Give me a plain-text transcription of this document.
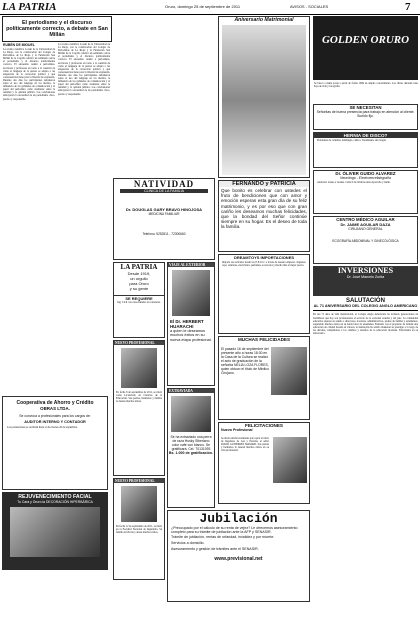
LA PATRIA	Oruro, domingo 25 de septiembre de 2011	AVISOS - SOCIALES	7
El periodismo y el discurso políticamente correcto, a debate en San Millán
RUBÉN DE MIGUEL
La revista científica Lorem de la Universidad de La Rioja, con la colaboración del Colegio de Periodistas de La Rioja y la Fundación San Millán de la Cogolla celebró un seminario sobre el periodismo y el discurso políticamente correcto. El encuentro reunió a periodistas, escritores y profesores en torno a la cuestión de cómo el lenguaje de la prensa se adapta a las exigencias de la corrección política y qué consecuencias tiene para la libertad de expresión. Durante dos días los participantes debatieron sobre el uso del lenguaje en los medios, la influencia de los gabinetes de comunicación y el papel del periodista como mediador entre la realidad y la opinión pública. Las conclusiones subrayaron la necesidad de un periodismo claro, preciso y responsable.
La revista científica Lorem de la Universidad de La Rioja, con la colaboración del Colegio de Periodistas de La Rioja y la Fundación San Millán de la Cogolla celebró un seminario sobre el periodismo y el discurso políticamente correcto. El encuentro reunió a periodistas, escritores y profesores en torno a la cuestión de cómo el lenguaje de la prensa se adapta a las exigencias de la corrección política y qué consecuencias tiene para la libertad de expresión. Durante dos días los participantes debatieron sobre el uso del lenguaje en los medios, la influencia de los gabinetes de comunicación y el papel del periodista como mediador entre la realidad y la opinión pública. Las conclusiones subrayaron la necesidad de un periodismo claro, preciso y responsable.
Cooperativa de Ahorro y Crédito
OBRAS LTDA.
Se convoca a profesionales para los cargos de:
AUDITOR INTERNO Y CONTADOR
Las postulaciones se recibirán hasta el día viernes 28 de septiembre.
REJUVENECIMIENTO FACIAL
Tu Cara y Oruro la DECORACIÓN HIPERBÁRICA
NATIVIDAD
CLINICA DE LA FAMILIA
Dr. DOUGLAS GARY BRAVO HINOJOSA
MEDICINA FAMILIAR
Telefono: 5252511 - 72300660
LA PATRIA
Desde 1919,
un orgullo
para Oruro
y su gente
SE REQUIERE
Ing. Civil con conocimiento en carreteras.
NUEVO PROFESIONAL
En fecha 8 de septiembre de 2011, se tituló como Licenciado en Ciencias de la Educación. Sus padres, hermanos y familia le desean muchos éxitos.
NUEVO PROFESIONAL
En fecha 12 de septiembre de 2011, se tituló en la Facultad Nacional de Ingeniería. Su familia le felicita y desea muchos éxitos.
VIAJE AL EXTERIOR
El Dr. HERBERT HUARACHI
a quien le deseamos muchos éxitos en su nueva etapa profesional.
EXTRAVIADA
Se ha extraviado una perra de raza Husky Siberiano color café con blanco. Se gratificará. Cel. 70131093
Bs. 1.000 de gratificación.
Aniversario Matrimonial
FERNANDO y PATRICIA
Que bonito es celebrar con ustedes el fruto de bendiciones que con amor y emoción esperan esta gran día de su feliz matrimonio, y es por eso que con gran cariño les deseamos muchas felicidades, que la bondad del Señor continúe siempre en su hogar. Es el deseo de toda la familia.
DREAMTOYS IMPORTACIONES
Importa sus artículos desde los E.E.U.U. a través de nuestra empresa. Juguetes, ropa, celulares, electrónica, perfumes, accesorios y mucho más al mejor precio.
MUCHAS FELICIDADES
El pasado 16 de septiembre del presente año a horas 18:30 en la Casa de la Cultura se realizó el acto de graduación de la señorita NELIA LOZA FLORES, quien obtuvo el título de Médico Cirujano.
FELICITACIONES
Nuevo Profesional
Se tituló satisfactoriamente para optar al título de Ingeniero de Gas y Petróleo el señor DAVID GUTIERREZ MAMANI. Sus padres y hermanos le desean muchos éxitos en su vida profesional.
Jubilación
¿Preocupado por el cálculo de su renta de vejez? Le ofrecemos asesoramiento completo para su trámite de jubilación ante la AFP y SENASIR.
Trámite de jubilación, rentas de orfandad, invalidez y por muerte.
Servicios a domicilio.
Asesoramiento y gestión de trámites ante el SENASIR.
www.previsional.net
GOLDEN ORURO
Se busca a dama joven a partir de forma 1999 en amplio conocimiento. Las chicas deberán traer hoja de vida y fotografía.
SE NECESITAN
Señoritas de buena presencia para trabajo en atención al cliente. Sueldo fijo.
HERNIA DE DISCO?
Problemas de columna, lumbalgia, ciática. Tratamiento sin cirugía.
Dr. ÓLIVER GUIDO ALVAREZ
Neurólogo - Electroencefalografía
Atención: Lunes a viernes. Calle 6 de Octubre entre Ayacucho y Junín.
CENTRO MÉDICO AGUILAR
Dr. JAIME AGUILAR DAZA
CIRUJANO GENERAL
ECOGRAFÍA ABDOMINAL Y GINECOLÓGICA
INVERSIONES
Dr. José Marcelo Zurita
SALUTACIÓN
AL 71 ANIVERSARIO DEL COLEGIO ANGLO AMERICANO
En sus 71 años de vida institucional, el Colegio Anglo Americano ha formado generaciones de bachilleres que hoy son profesionales al servicio de la sociedad orureña y del país. La comunidad educativa expresa su saludo a directores, docentes, administrativos, padres de familia y estudiantes, augurando muchos éxitos en su noble labor de enseñanza. Fundado con el propósito de brindar una educación de calidad basada en valores, la institución ha sabido mantener su prestigio a lo largo de las décadas, adaptándose a los cambios y desafíos de la educación moderna. Felicidades en su aniversario.
